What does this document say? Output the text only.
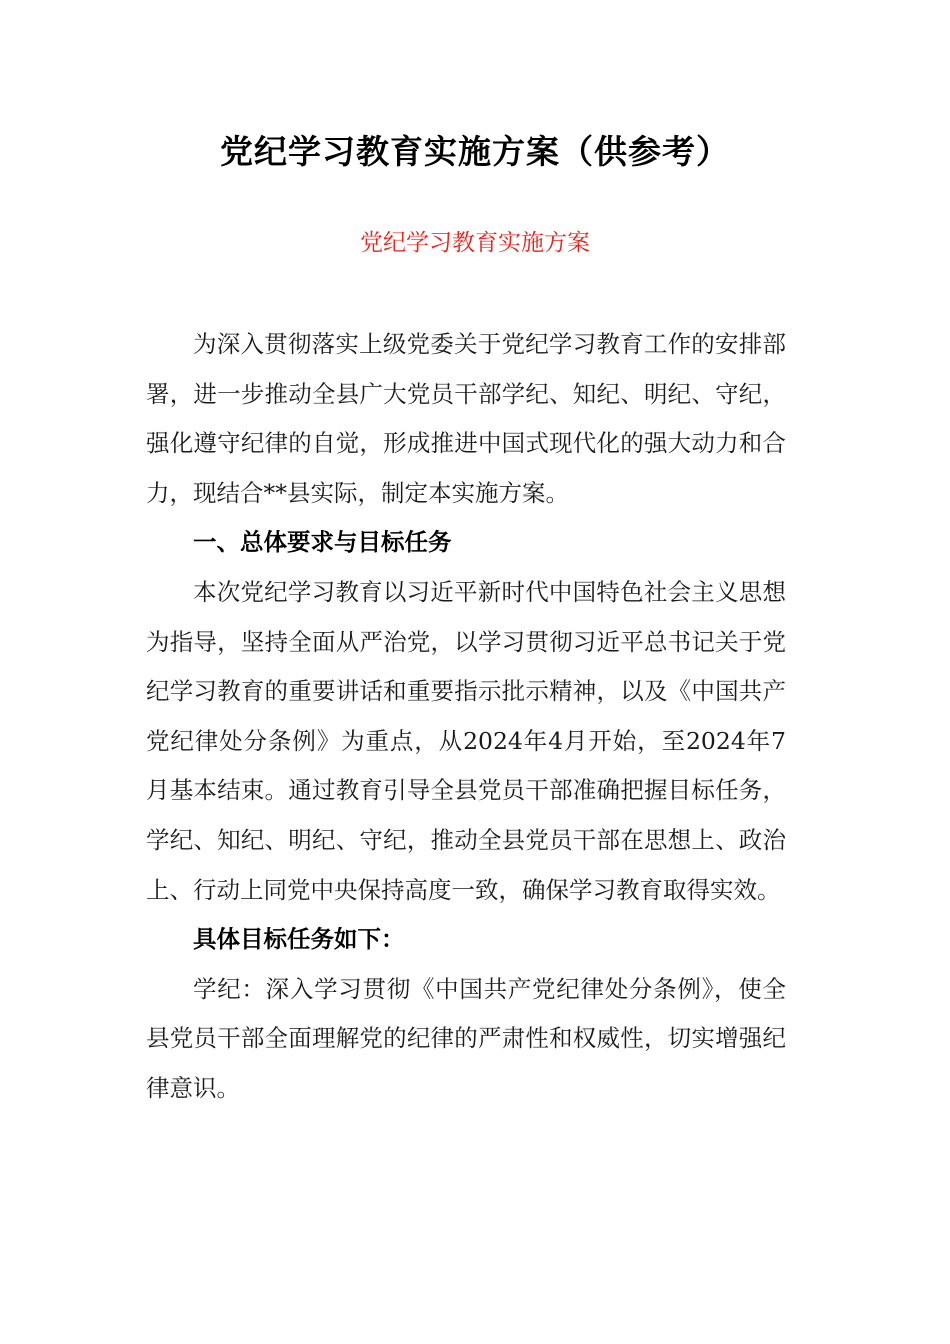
党纪学习教育实施方案（供参考）
党纪学习教育实施方案

为深入贯彻落实上级党委关于党纪学习教育工作的安排部署，进一步推动全县广大党员干部学纪、知纪、明纪、守纪，强化遵守纪律的自觉，形成推进中国式现代化的强大动力和合力，现结合**县实际，制定本实施方案。

一、总体要求与目标任务

本次党纪学习教育以习近平新时代中国特色社会主义思想为指导，坚持全面从严治党，以学习贯彻习近平总书记关于党纪学习教育的重要讲话和重要指示批示精神，以及《中国共产党纪律处分条例》为重点，从2024年4月开始，至2024年7月基本结束。通过教育引导全县党员干部准确把握目标任务，学纪、知纪、明纪、守纪，推动全县党员干部在思想上、政治上、行动上同党中央保持高度一致，确保学习教育取得实效。

具体目标任务如下：

学纪：深入学习贯彻《中国共产党纪律处分条例》，使全县党员干部全面理解党的纪律的严肃性和权威性，切实增强纪律意识。
